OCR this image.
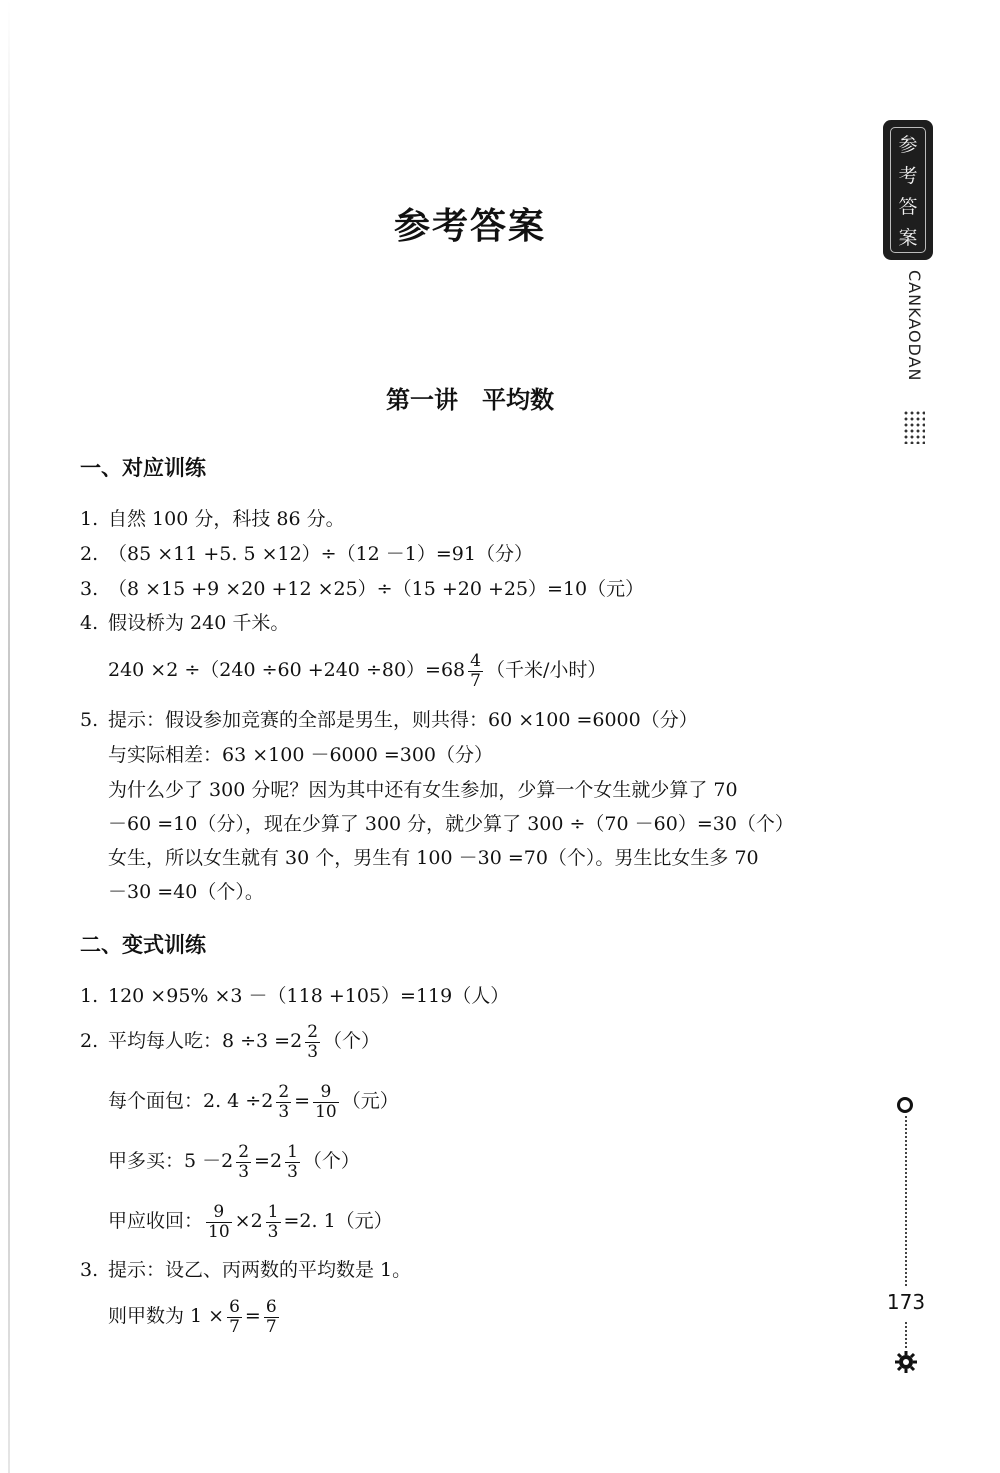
参考答案
第一讲　平均数
一、对应训练
1. 自然 100 分，科技 86 分。
2. （85 ×11 +5. 5 ×12）÷（12 －1）=91（分）
3. （8 ×15 +9 ×20 +12 ×25）÷（15 +20 +25）=10（元）
4. 假设桥为 240 千米。
$240 \times 2 \div(240 \div 60 +240 \div 80)=68 \frac{4}{7}$ （千米/小时）
5. 提示：假设参加竞赛的全部是男生，则共得：60 ×100 =6000（分）
与实际相差：63 ×100 －6000 =300（分）
为什么少了 300 分呢？因为其中还有女生参加，少算一个女生就少算了 70
－60 =10（分），现在少算了 300 分，就少算了 300 ÷（70 －60）=30（个）
女生，所以女生就有 30 个，男生有 100 －30 =70（个）。男生比女生多 70
－30 =40（个）。
二、变式训练
1. 120 ×95% ×3 －（118 +105）=119（人）
2. 平均每人吃：$8 \div 3 =2 \frac{2}{3}$ （个）
每个面包：2. $4 \div 2 \frac{2}{3} = \frac{9}{10}$ （元）
甲多买：$5 -2 \frac{2}{3} =2 \frac{1}{3}$ （个）
甲应收回： $\frac{9}{10} \times 2 \frac{1}{3} =2$. 1（元）
3. 提示：设乙、丙两数的平均数是 1。
则甲数为 $1 \times \frac{6}{7} = \frac{6}{7}$
参
考
答
案
CANKAODAN
173
